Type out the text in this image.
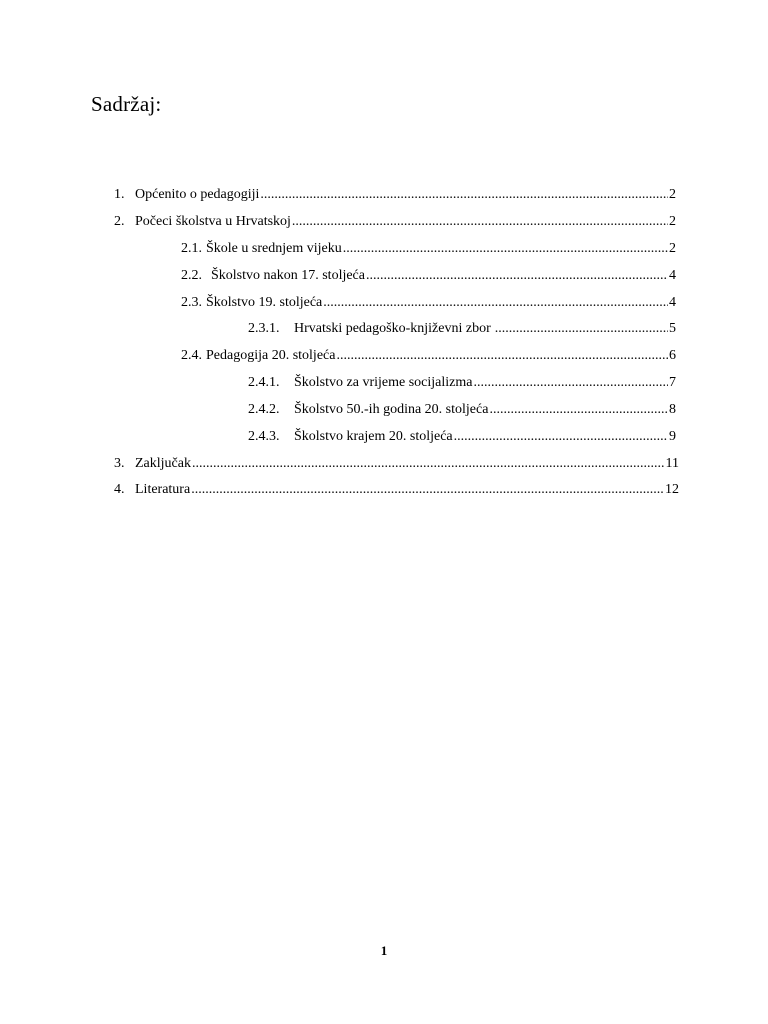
Sadržaj:
1. Općenito o pedagogiji .....	2
2. Počeci školstva u Hrvatskoj .....	2
2.1. Škole u srednjem vijeku .....	2
2.2. Školstvo nakon 17. stoljeća .....	4
2.3. Školstvo 19. stoljeća .....	4
2.3.1.	Hrvatski pedagoško-književni zbor .....	5
2.4. Pedagogija 20. stoljeća .....	6
2.4.1.	Školstvo za vrijeme socijalizma .....	7
2.4.2.	Školstvo 50.-ih godina 20. stoljeća .....	8
2.4.3.	Školstvo krajem 20. stoljeća .....	9
3. Zaključak .....	11
4. Literatura .....	12
1
